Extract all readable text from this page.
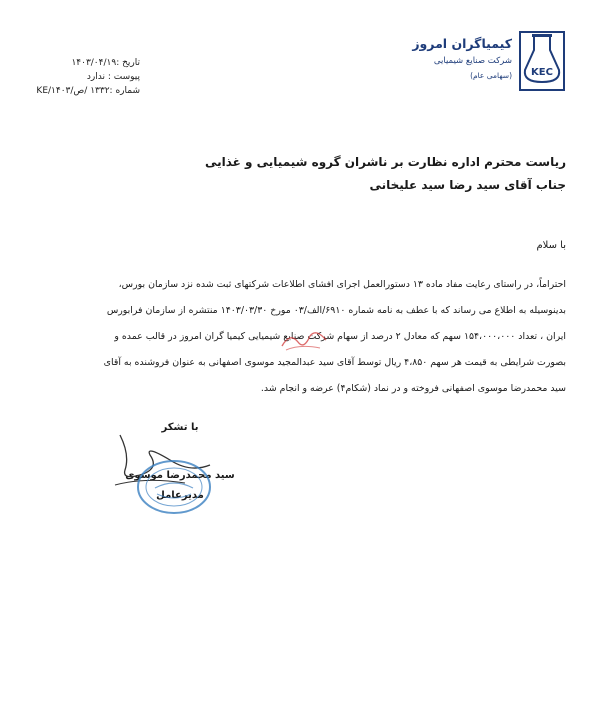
KEC
کیمیاگران امروز
شرکت صنایع شیمیایی
(سهامی عام)
تاریخ :۱۴۰۳/۰۴/۱۹
پیوست : ندارد
شماره :۱۳۳۲ /ص/KE/۱۴۰۳
ریاست محترم اداره نظارت بر ناشران گروه شیمیایی و غذایی
جناب آقای سید رضا سید علیخانی
با سلام
احتراماً، در راستای رعایت مفاد ماده ۱۳ دستورالعمل اجرای افشای اطلاعات شرکتهای ثبت شده نزد سازمان بورس،
بدینوسیله به اطلاع می رساند که با عطف به نامه شماره ۶۹۱۰/الف/۰۳ مورخ ۱۴۰۳/۰۳/۳۰ منتشره از سازمان فرابورس
ایران ، تعداد ۱۵۴،۰۰۰،۰۰۰ سهم که معادل ۲ درصد از سهام شرکت صنایع شیمیایی کیمیا گران امروز در قالب عمده و
بصورت شرایطی به قیمت هر سهم ۴،۸۵۰ ریال توسط آقای سید عبدالمجید موسوی اصفهانی به عنوان فروشنده به آقای
سید محمدرضا موسوی اصفهانی فروخته و در نماد (شکام۴) عرضه و انجام شد.
با تشکر
سید محمدرضا موسوی
مدیرعامل
